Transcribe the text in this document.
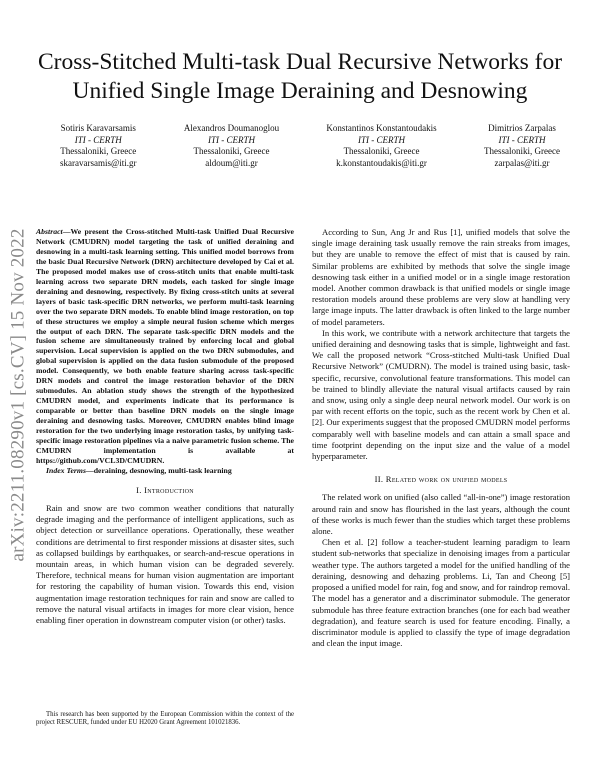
arXiv:2211.08290v1 [cs.CV] 15 Nov 2022
Cross-Stitched Multi-task Dual Recursive Networks for Unified Single Image Deraining and Desnowing
Sotiris Karavarsamis
ITI - CERTH
Thessaloniki, Greece
skaravarsamis@iti.gr
Alexandros Doumanoglou
ITI - CERTH
Thessaloniki, Greece
aldoum@iti.gr
Konstantinos Konstantoudakis
ITI - CERTH
Thessaloniki, Greece
k.konstantoudakis@iti.gr
Dimitrios Zarpalas
ITI - CERTH
Thessaloniki, Greece
zarpalas@iti.gr

Abstract—We present the Cross-stitched Multi-task Unified Dual Recursive Network (CMUDRN) model targeting the task of unified deraining and desnowing in a multi-task learning setting. This unified model borrows from the basic Dual Recursive Network (DRN) architecture developed by Cai et al. The proposed model makes use of cross-stitch units that enable multi-task learning across two separate DRN models, each tasked for single image deraining and desnowing, respectively. By fixing cross-stitch units at several layers of basic task-specific DRN networks, we perform multi-task learning over the two separate DRN models. To enable blind image restoration, on top of these structures we employ a simple neural fusion scheme which merges the output of each DRN. The separate task-specific DRN models and the fusion scheme are simultaneously trained by enforcing local and global supervision. Local supervision is applied on the two DRN submodules, and global supervision is applied on the data fusion submodule of the proposed model. Consequently, we both enable feature sharing across task-specific DRN models and control the image restoration behavior of the DRN submodules. An ablation study shows the strength of the hypothesized CMUDRN model, and experiments indicate that its performance is comparable or better than baseline DRN models on the single image deraining and desnowing tasks. Moreover, CMUDRN enables blind image restoration for the two underlying image restoration tasks, by unifying task-specific image restoration pipelines via a naive parametric fusion scheme. The CMUDRN implementation is available at https://github.com/VCL3D/CMUDRN.

Index Terms—deraining, desnowing, multi-task learning

I. Introduction

Rain and snow are two common weather conditions that naturally degrade imaging and the performance of intelligent applications, such as object detection or surveillance operations. Operationally, these weather conditions are detrimental to first responder missions at disaster sites, such as collapsed buildings by earthquakes, or search-and-rescue operations in mountain areas, in which human vision can be degraded severely. Therefore, technical means for human vision augmentation are important for restoring the capability of human vision. Towards this end, vision augmentation image restoration techniques for rain and snow are called to remove the natural visual artifacts in images for more clear vision, hence enabling finer operation in downstream computer vision (or other) tasks.

According to Sun, Ang Jr and Rus [1], unified models that solve the single image deraining task usually remove the rain streaks from images, but they are unable to remove the effect of mist that is caused by rain. Similar problems are exhibited by methods that solve the single image desnowing task either in a unified model or in a single image restoration model. Another common drawback is that unified models or single image restoration models around these problems are very slow at handling very large image inputs. The latter drawback is often linked to the large number of model parameters.

In this work, we contribute with a network architecture that targets the unified deraining and desnowing tasks that is simple, lightweight and fast. We call the proposed network “Cross-stitched Multi-task Unified Dual Recursive Network” (CMUDRN). The model is trained using basic, task-specific, recursive, convolutional feature transformations. This model can be trained to blindly alleviate the natural visual artifacts caused by rain and snow, using only a single deep neural network model. Our work is on par with recent efforts on the topic, such as the recent work by Chen et al. [2]. Our experiments suggest that the proposed CMUDRN model performs comparably well with baseline models and can attain a small space and time footprint depending on the input size and the value of a model hyperparameter.

II. Related work on unified models

The related work on unified (also called “all-in-one”) image restoration around rain and snow has flourished in the last years, although the count of these works is much fewer than the studies which target these problems alone.

Chen et al. [2] follow a teacher-student learning paradigm to learn student sub-networks that specialize in denoising images from a particular weather type. The authors targeted a model for the unified handling of the deraining, desnowing and dehazing problems. Li, Tan and Cheong [5] proposed a unified model for rain, fog and snow, and for raindrop removal. The model has a generator and a discriminator submodule. The generator submodule has three feature extraction branches (one for each bad weather degradation), and feature search is used for feature encoding. Finally, a discriminator module is applied to classify the type of image degradation and clean the input image.

This research has been supported by the European Commission within the context of the project RESCUER, funded under EU H2020 Grant Agreement 101021836.
